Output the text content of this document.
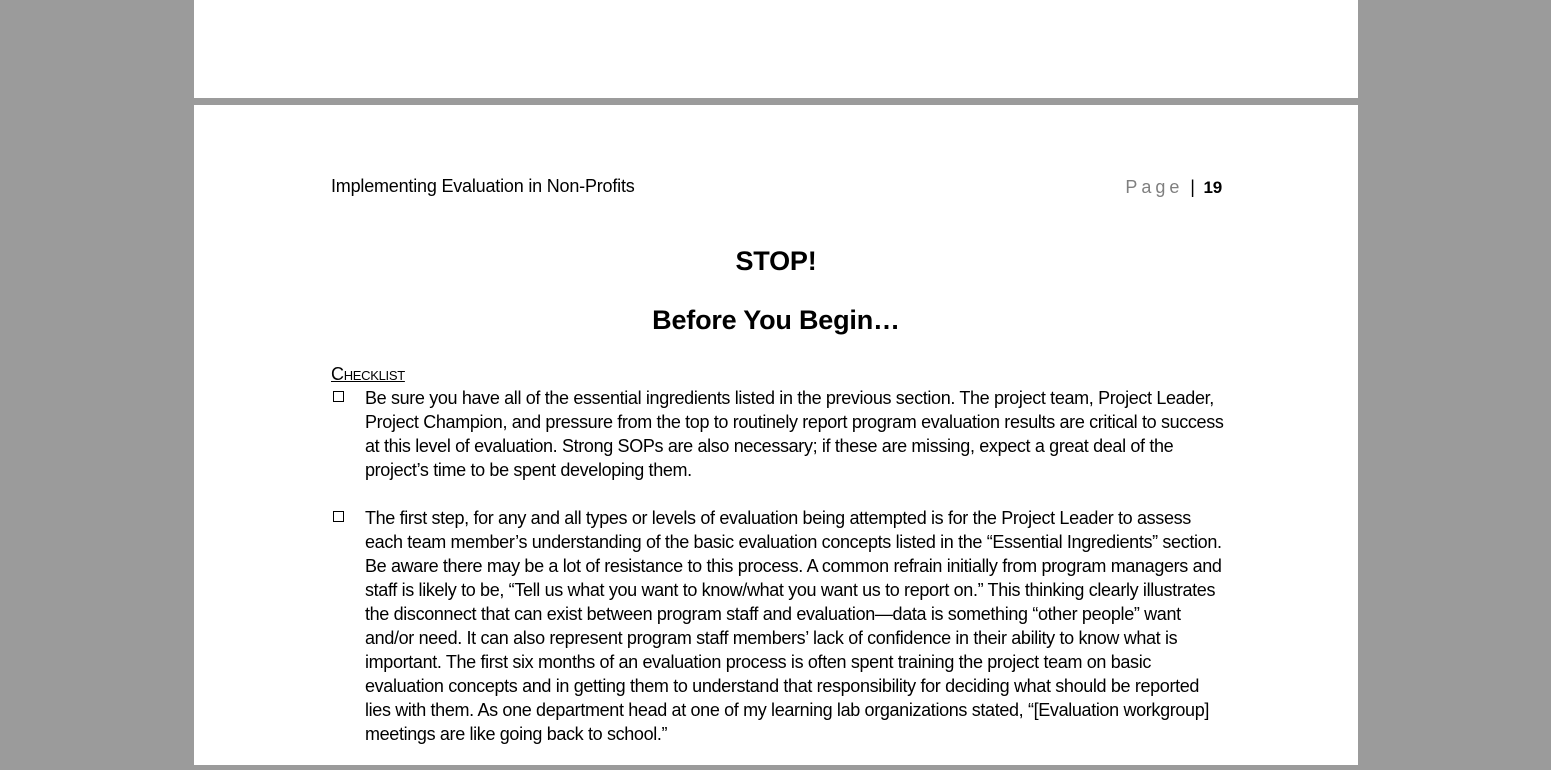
Implementing Evaluation in Non-Profits	Page | 19
STOP!
Before You Begin…
Checklist
Be sure you have all of the essential ingredients listed in the previous section. The project team, Project Leader, Project Champion, and pressure from the top to routinely report program evaluation results are critical to success at this level of evaluation. Strong SOPs are also necessary; if these are missing, expect a great deal of the project’s time to be spent developing them.
The first step, for any and all types or levels of evaluation being attempted is for the Project Leader to assess each team member’s understanding of the basic evaluation concepts listed in the “Essential Ingredients” section. Be aware there may be a lot of resistance to this process. A common refrain initially from program managers and staff is likely to be, “Tell us what you want to know/what you want us to report on.” This thinking clearly illustrates the disconnect that can exist between program staff and evaluation—data is something “other people” want and/or need. It can also represent program staff members’ lack of confidence in their ability to know what is important. The first six months of an evaluation process is often spent training the project team on basic evaluation concepts and in getting them to understand that responsibility for deciding what should be reported lies with them. As one department head at one of my learning lab organizations stated, “[Evaluation workgroup] meetings are like going back to school.”
